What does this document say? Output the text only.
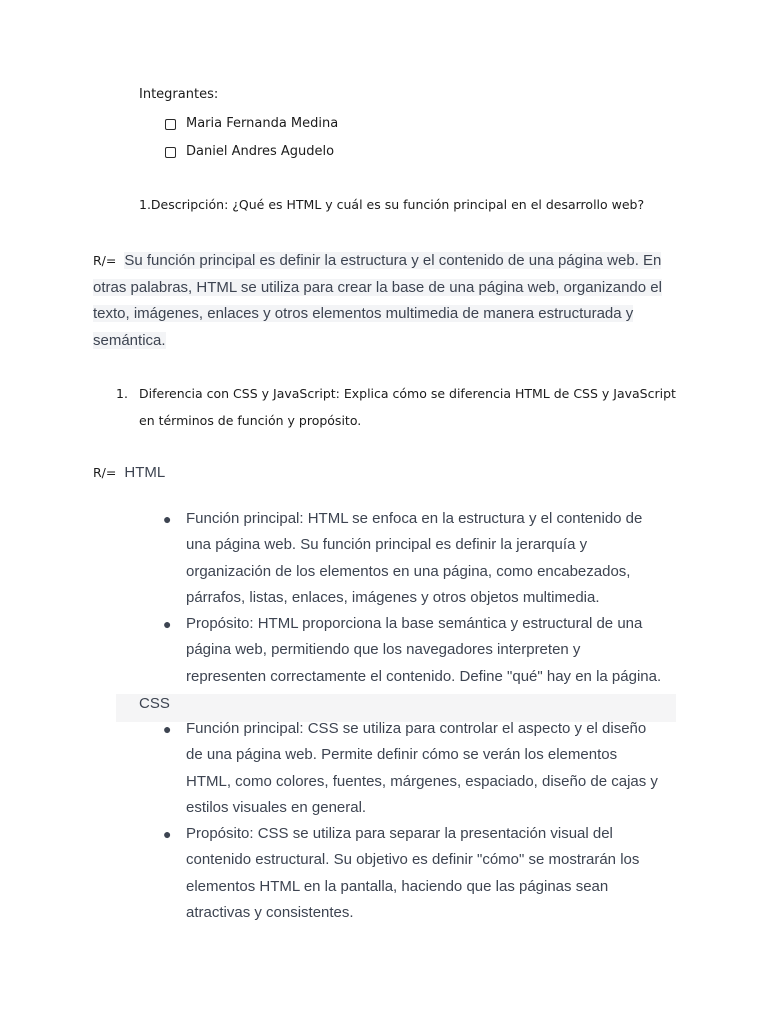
Integrantes:
Maria Fernanda Medina
Daniel Andres Agudelo
1.Descripción: ¿Qué es HTML y cuál es su función principal en el desarrollo web?
R/= Su función principal es definir la estructura y el contenido de una página web. En
otras palabras, HTML se utiliza para crear la base de una página web, organizando el
texto, imágenes, enlaces y otros elementos multimedia de manera estructurada y
semántica.
1. Diferencia con CSS y JavaScript: Explica cómo se diferencia HTML de CSS y JavaScript
en términos de función y propósito.
R/= HTML
● Función principal: HTML se enfoca en la estructura y el contenido de
una página web. Su función principal es definir la jerarquía y
organización de los elementos en una página, como encabezados,
párrafos, listas, enlaces, imágenes y otros objetos multimedia.
● Propósito: HTML proporciona la base semántica y estructural de una
página web, permitiendo que los navegadores interpreten y
representen correctamente el contenido. Define "qué" hay en la página.
CSS
● Función principal: CSS se utiliza para controlar el aspecto y el diseño
de una página web. Permite definir cómo se verán los elementos
HTML, como colores, fuentes, márgenes, espaciado, diseño de cajas y
estilos visuales en general.
● Propósito: CSS se utiliza para separar la presentación visual del
contenido estructural. Su objetivo es definir "cómo" se mostrarán los
elementos HTML en la pantalla, haciendo que las páginas sean
atractivas y consistentes.
